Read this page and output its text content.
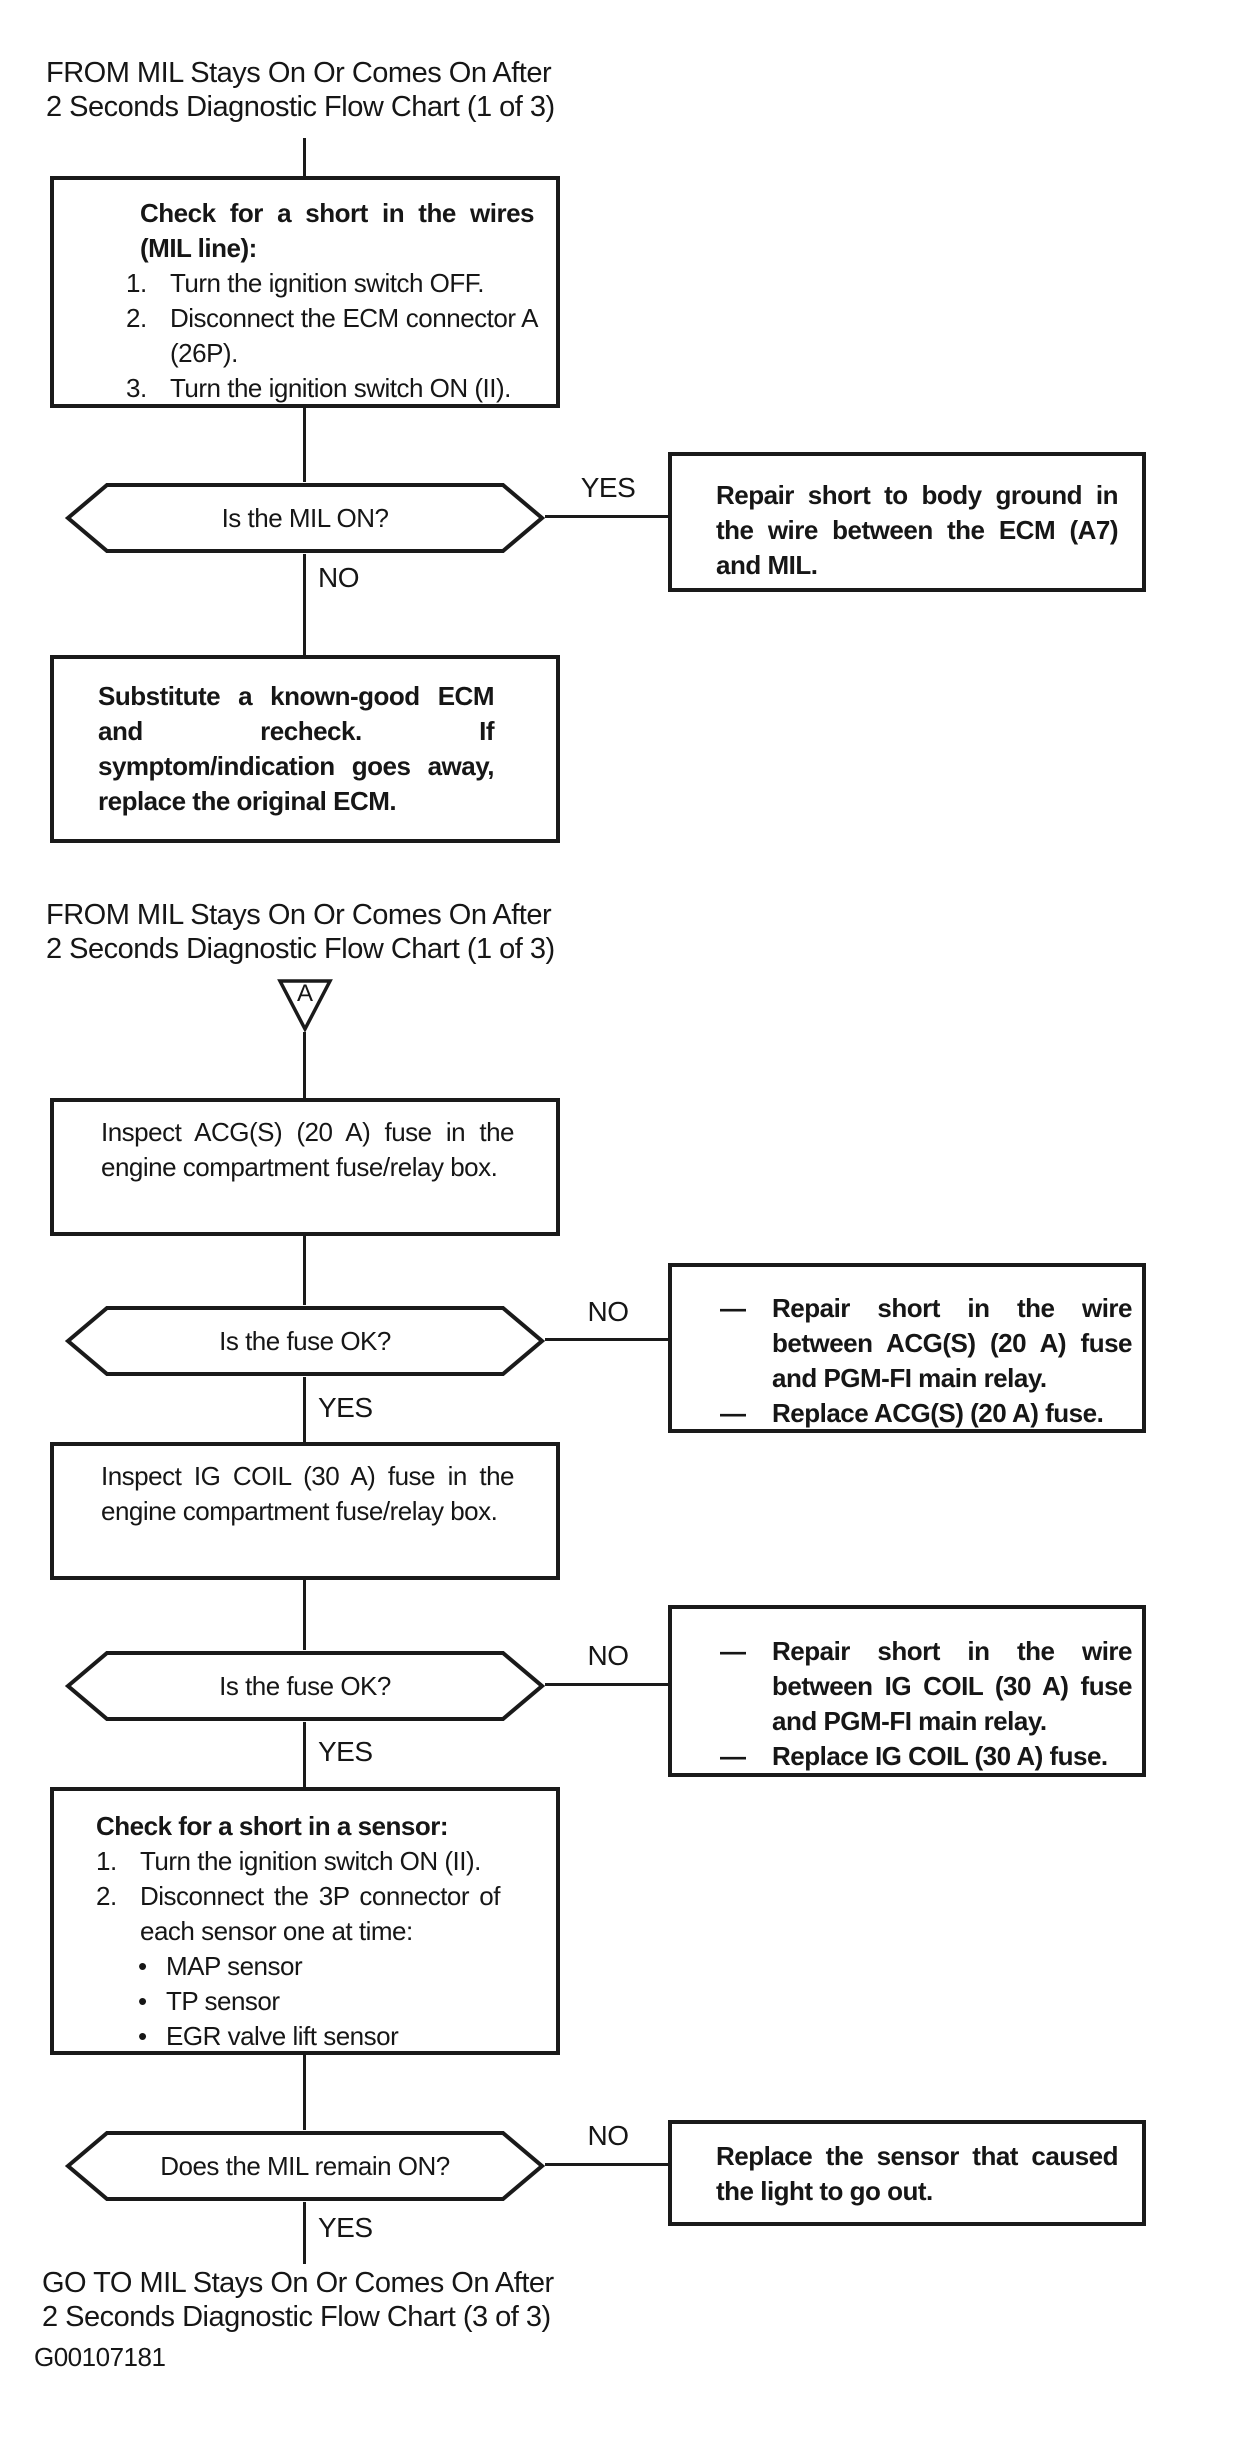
FROM MIL Stays On Or Comes On After
2 Seconds Diagnostic Flow Chart (1 of 3)
Check for a short in the wires (MIL line):
1. Turn the ignition switch OFF.
2. Disconnect the ECM connector A (26P).
3. Turn the ignition switch ON (II).
Is the MIL ON?
YES	Repair short to body ground in the wire between the ECM (A7) and MIL.
NO
Substitute a known-good ECM and recheck. If symptom/indication goes away, replace the original ECM.
FROM MIL Stays On Or Comes On After
2 Seconds Diagnostic Flow Chart (1 of 3)
A
Inspect ACG(S) (20 A) fuse in the engine compartment fuse/relay box.
Is the fuse OK?
NO	—	Repair short in the wire between ACG(S) (20 A) fuse and PGM-FI main relay.
—	Replace ACG(S) (20 A) fuse.
YES
Inspect IG COIL (30 A) fuse in the engine compartment fuse/relay box.
Is the fuse OK?
NO	—	Repair short in the wire between IG COIL (30 A) fuse and PGM-FI main relay.
—	Replace IG COIL (30 A) fuse.
YES
Check for a short in a sensor:
1. Turn the ignition switch ON (II).
2. Disconnect the 3P connector of each sensor one at time:
• MAP sensor
• TP sensor
• EGR valve lift sensor
Does the MIL remain ON?
NO
Replace the sensor that caused the light to go out.
YES
GO TO MIL Stays On Or Comes On After
2 Seconds Diagnostic Flow Chart (3 of 3)
G00107181
